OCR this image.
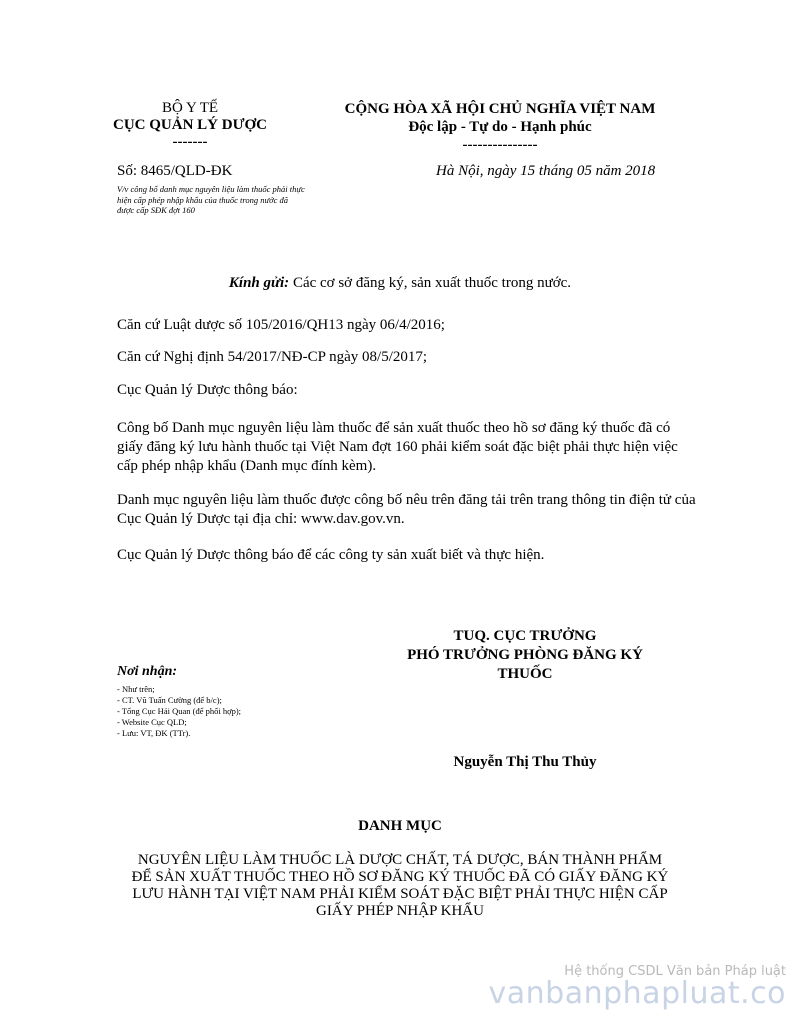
BỘ Y TẾ
CỤC QUẢN LÝ DƯỢC
-------
CỘNG HÒA XÃ HỘI CHỦ NGHĨA VIỆT NAM
Độc lập - Tự do - Hạnh phúc
---------------
Số: 8465/QLD-ĐK
V/v công bố danh mục nguyên liệu làm thuốc phải thực hiện cấp phép nhập khẩu của thuốc trong nước đã được cấp SĐK đợt 160
Hà Nội, ngày 15 tháng 05 năm 2018
Kính gửi: Các cơ sở đăng ký, sản xuất thuốc trong nước.
Căn cứ Luật dược số 105/2016/QH13 ngày 06/4/2016;
Căn cứ Nghị định 54/2017/NĐ-CP ngày 08/5/2017;
Cục Quản lý Dược thông báo:
Công bố Danh mục nguyên liệu làm thuốc để sản xuất thuốc theo hồ sơ đăng ký thuốc đã có giấy đăng ký lưu hành thuốc tại Việt Nam đợt 160 phải kiểm soát đặc biệt phải thực hiện việc cấp phép nhập khẩu (Danh mục đính kèm).
Danh mục nguyên liệu làm thuốc được công bố nêu trên đăng tải trên trang thông tin điện tử của Cục Quản lý Dược tại địa chỉ: www.dav.gov.vn.
Cục Quản lý Dược thông báo để các công ty sản xuất biết và thực hiện.
TUQ. CỤC TRƯỞNG
PHÓ TRƯỞNG PHÒNG ĐĂNG KÝ
THUỐC
Nguyễn Thị Thu Thủy
Nơi nhận:
- Như trên;
- CT. Vũ Tuấn Cường (để b/c);
- Tổng Cục Hải Quan (để phối hợp);
- Website Cục QLD;
- Lưu: VT, ĐK (TTr).
DANH MỤC
NGUYÊN LIỆU LÀM THUỐC LÀ DƯỢC CHẤT, TÁ DƯỢC, BÁN THÀNH PHẨM
ĐỂ SẢN XUẤT THUỐC THEO HỒ SƠ ĐĂNG KÝ THUỐC ĐÃ CÓ GIẤY ĐĂNG KÝ
LƯU HÀNH TẠI VIỆT NAM PHẢI KIỂM SOÁT ĐẶC BIỆT PHẢI THỰC HIỆN CẤP
GIẤY PHÉP NHẬP KHẨU
Hệ thống CSDL Văn bản Pháp luật
vanbanphapluat.co
